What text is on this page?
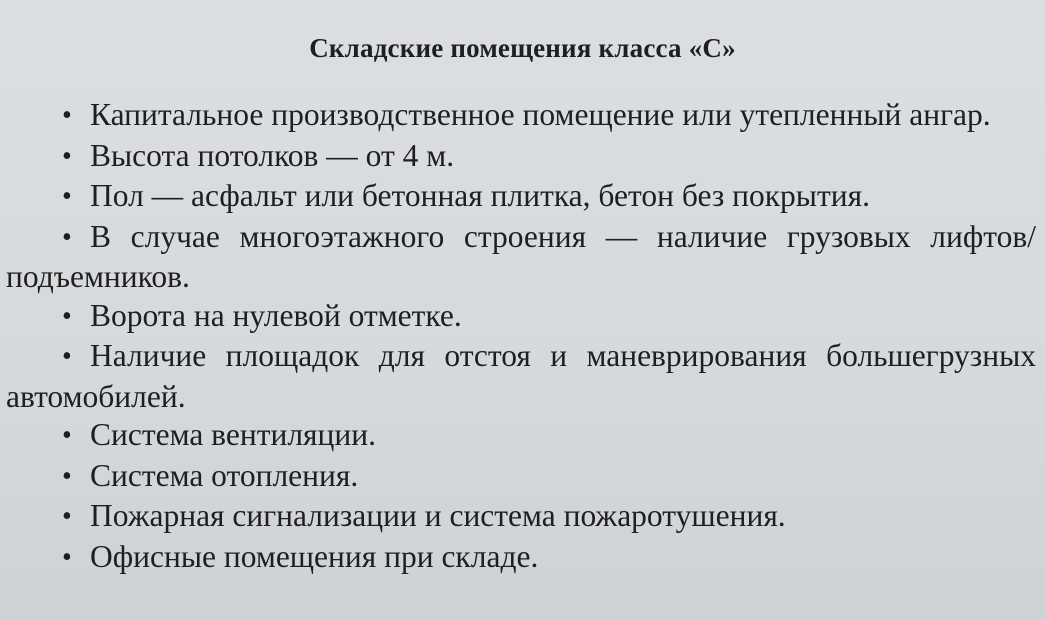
Складские помещения класса «С»

• Капитальное производственное помещение или утепленный ангар.

• Высота потолков — от 4 м.

• Пол — асфальт или бетонная плитка, бетон без покрытия.

• В случае многоэтажного строения — наличие грузовых лифтов/подъемников.

• Ворота на нулевой отметке.

• Наличие площадок для отстоя и маневрирования большегрузных автомобилей.

• Система вентиляции.

• Система отопления.

• Пожарная сигнализации и система пожаротушения.

• Офисные помещения при складе.
